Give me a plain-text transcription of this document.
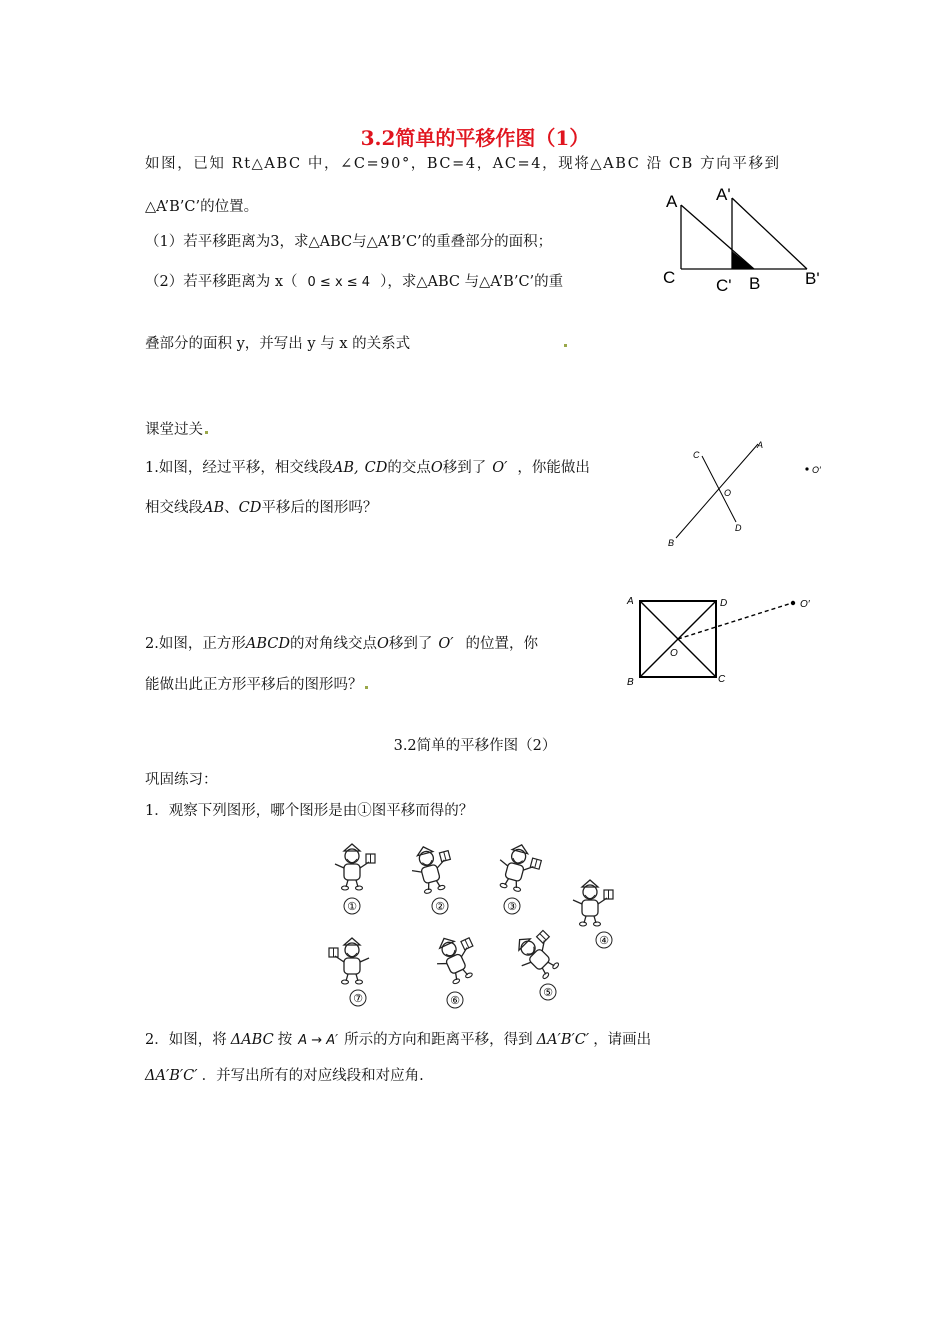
3.2简单的平移作图（1）
如图，已知 Rt△ABC 中，∠C=90°，BC=4，AC=4，现将△ABC 沿 CB 方向平移到
△A’B’C’的位置。
（1）若平移距离为3，求△ABC与△A’B’C’的重叠部分的面积；
（2）若平移距离为 x（ 0 ≤ x ≤ 4 ），求△ABC 与△A’B’C’的重
叠部分的面积 y，并写出 y 与 x 的关系式
A A'
C C' B	B'
课堂过关
1.如图，经过平移，相交线段AB, CD的交点O移到了 O′ ，你能做出
相交线段AB、CD平移后的图形吗？
A
C
O
D
B
O′
2.如图，正方形ABCD的对角线交点O移到了 O′ 的位置，你
能做出此正方形平移后的图形吗？
A	D
B	C
O
O′
3.2简单的平移作图（2）
巩固练习：
1．观察下列图形，哪个图形是由①图平移而得的？
①	②	③
④
⑦	⑥
⑤
2．如图，将 ΔABC 按 A → A′ 所示的方向和距离平移，得到 ΔA′B′C′ ，请画出
ΔA′B′C′ ．并写出所有的对应线段和对应角.
